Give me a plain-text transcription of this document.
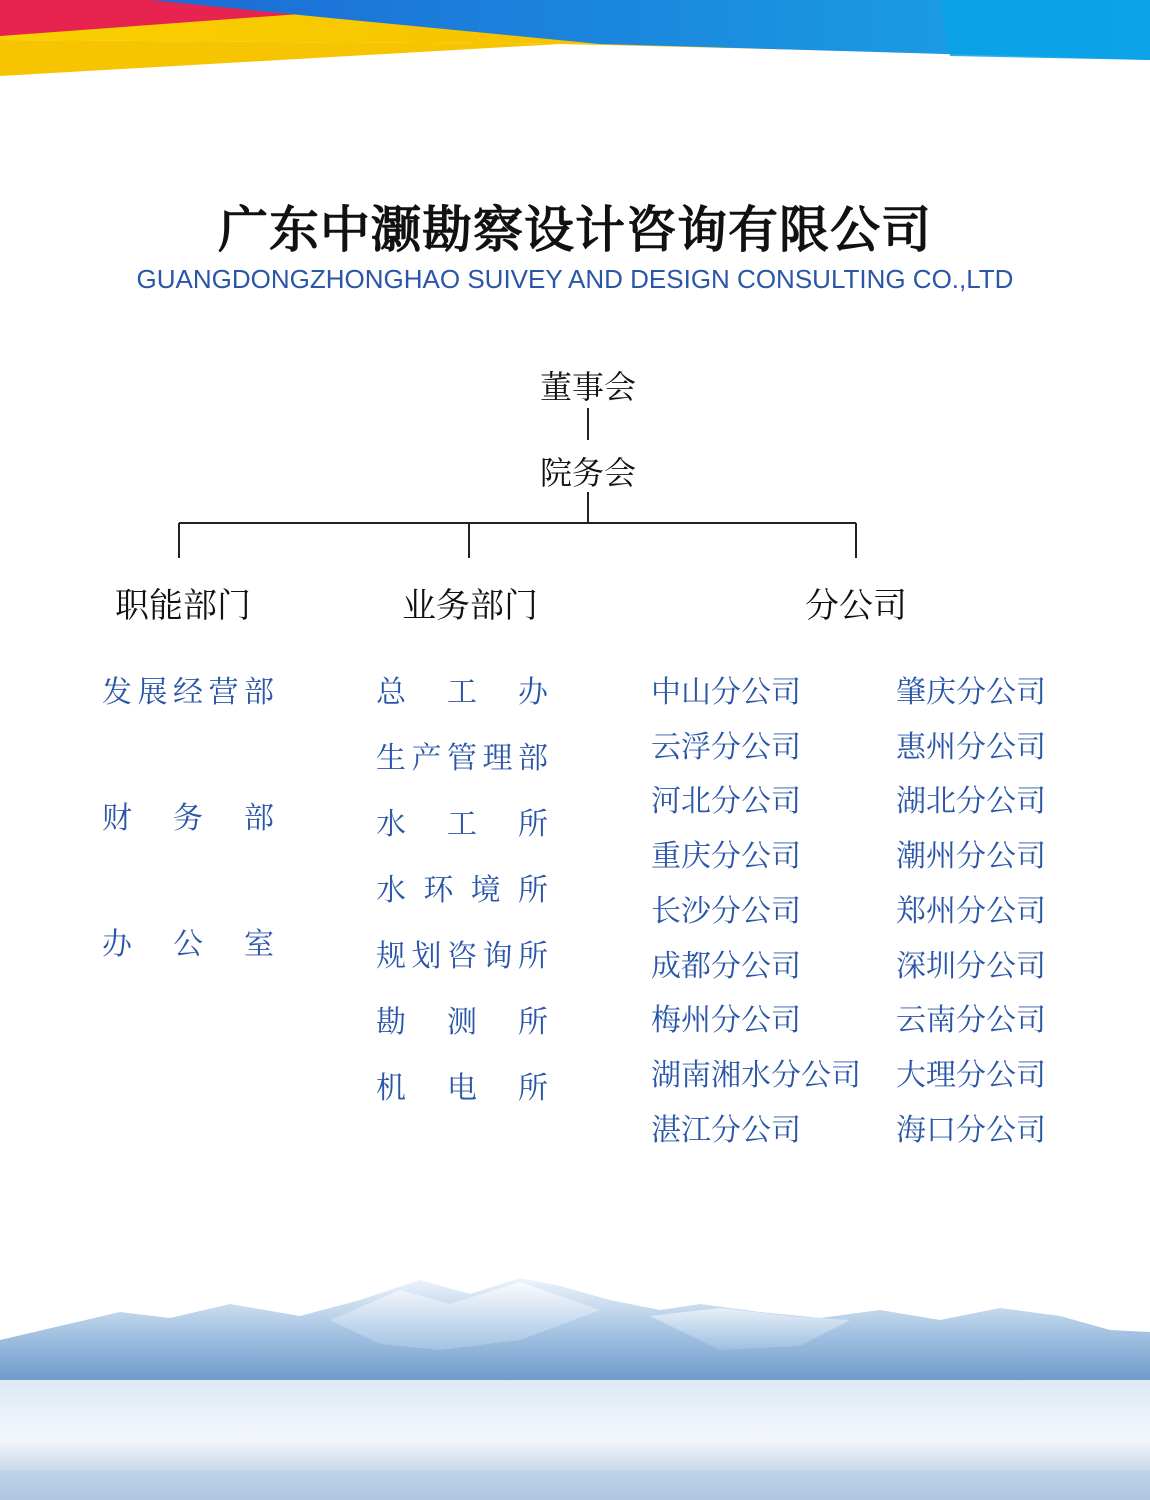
广东中灏勘察设计咨询有限公司
GUANGDONGZHONGHAO SUIVEY AND DESIGN CONSULTING CO.,LTD
董事会
院务会
职能部门	业务部门	分公司
发 展 经 营 部
财 务 部
办 公 室
总 工 办
生 产 管 理 部
水 工 所
水 环 境 所
规 划 咨 询 所
勘 测 所
机 电 所
中山分公司
云浮分公司
河北分公司
重庆分公司
长沙分公司
成都分公司
梅州分公司
湖南湘水分公司
湛江分公司
肇庆分公司
惠州分公司
湖北分公司
潮州分公司
郑州分公司
深圳分公司
云南分公司
大理分公司
海口分公司
